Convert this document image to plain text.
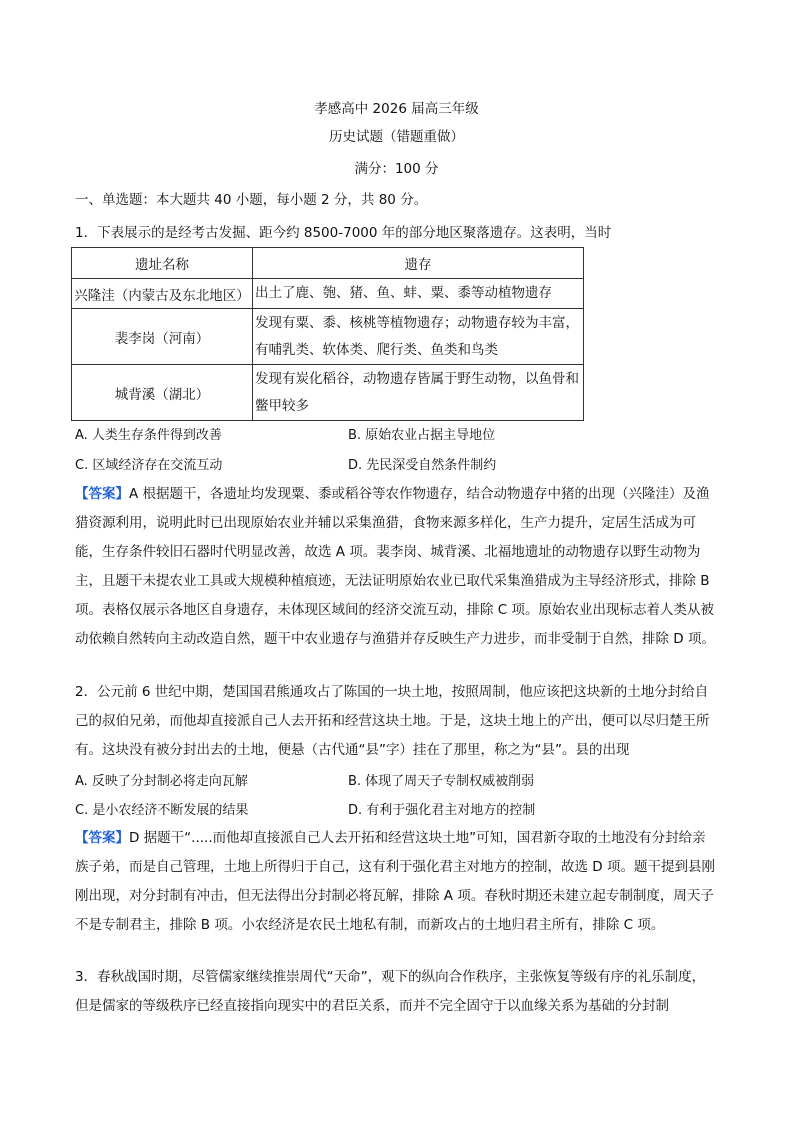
孝感高中 2026 届高三年级
历史试题（错题重做）
满分：100 分
一、单选题：本大题共 40 小题，每小题 2 分，共 80 分。
1．下表展示的是经考古发掘、距今约 8500-7000 年的部分地区聚落遗存。这表明，当时
遗址名称	遗存
兴隆洼（内蒙古及东北地区）	出土了鹿、匏、猪、鱼、蚌、粟、黍等动植物遗存
裴李岗（河南）	发现有粟、黍、核桃等植物遗存；动物遗存较为丰富，有哺乳类、软体类、爬行类、鱼类和鸟类
城背溪（湖北）	发现有炭化稻谷，动物遗存皆属于野生动物，以鱼骨和鳖甲较多
A. 人类生存条件得到改善	B. 原始农业占据主导地位
C. 区域经济存在交流互动	D. 先民深受自然条件制约

【答案】A 根据题干，各遗址均发现粟、黍或稻谷等农作物遗存，结合动物遗存中猪的出现（兴隆洼）及渔猎资源利用，说明此时已出现原始农业并辅以采集渔猎，食物来源多样化，生产力提升，定居生活成为可能，生存条件较旧石器时代明显改善，故选 A 项。裴李岗、城背溪、北福地遗址的动物遗存以野生动物为主，且题干未提农业工具或大规模种植痕迹，无法证明原始农业已取代采集渔猎成为主导经济形式，排除 B 项。表格仅展示各地区自身遗存，未体现区域间的经济交流互动，排除 C 项。原始农业出现标志着人类从被动依赖自然转向主动改造自然，题干中农业遗存与渔猎并存反映生产力进步，而非受制于自然，排除 D 项。

2．公元前 6 世纪中期，楚国国君熊通攻占了陈国的一块土地，按照周制，他应该把这块新的土地分封给自己的叔伯兄弟，而他却直接派自己人去开拓和经营这块土地。于是，这块土地上的产出，便可以尽归楚王所有。这块没有被分封出去的土地，便悬（古代通“县”字）挂在了那里，称之为“县”。县的出现

A. 反映了分封制必将走向瓦解	B. 体现了周天子专制权威被削弱
C. 是小农经济不断发展的结果	D. 有利于强化君主对地方的控制

【答案】D 据题干“.....而他却直接派自己人去开拓和经营这块土地”可知，国君新夺取的土地没有分封给亲族子弟，而是自己管理，土地上所得归于自己，这有利于强化君主对地方的控制，故选 D 项。题干提到县刚刚出现，对分封制有冲击，但无法得出分封制必将瓦解，排除 A 项。春秋时期还未建立起专制制度，周天子不是专制君主，排除 B 项。小农经济是农民土地私有制，而新攻占的土地归君主所有，排除 C 项。

3．春秋战国时期，尽管儒家继续推崇周代“天命”，观下的纵向合作秩序，主张恢复等级有序的礼乐制度，但是儒家的等级秩序已经直接指向现实中的君臣关系，而并不完全固守于以血缘关系为基础的分封制
